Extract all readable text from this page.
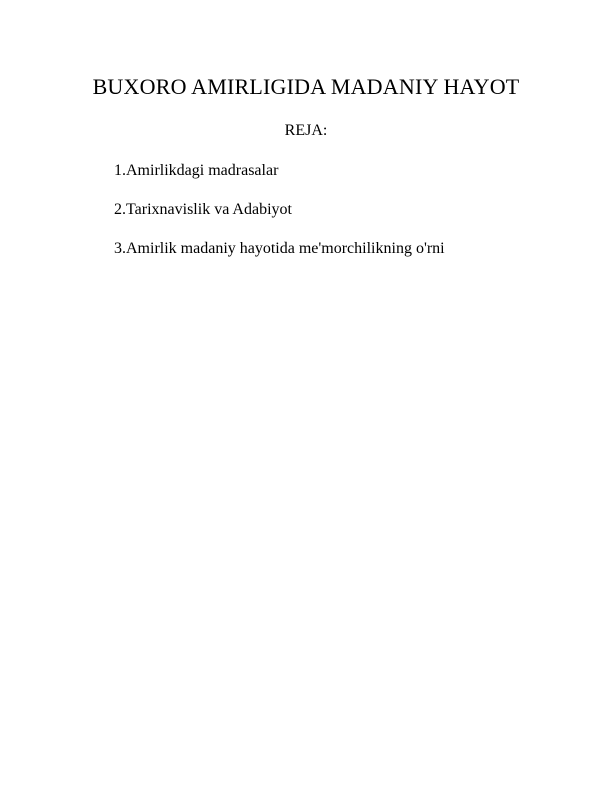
BUXORO AMIRLIGIDA MADANIY HAYOT
REJA:
1.Amirlikdagi madrasalar
2.Tarixnavislik va Adabiyot
3.Amirlik madaniy hayotida me'morchilikning o'rni
